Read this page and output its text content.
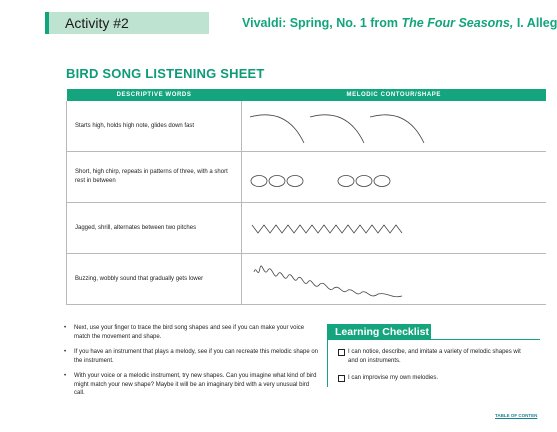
Activity #2	Vivaldi: Spring, No. 1 from The Four Seasons, I. Alleg
BIRD SONG LISTENING SHEET
DESCRIPTIVE WORDS	MELODIC CONTOUR/SHAPE
Starts high, holds high note, glides down fast	

Short, high chirp, repeats in patterns of three, with a short rest in between	

Jagged, shrill, alternates between two pitches	

Buzzing, wobbly sound that gradually gets lower	
• Next, use your finger to trace the bird song shapes and see if you can make your voice match the movement and shape.
• If you have an instrument that plays a melody, see if you can recreate this melodic shape on the instrument.
• With your voice or a melodic instrument, try new shapes. Can you imagine what kind of bird might match your new shape? Maybe it will be an imaginary bird with a very unusual bird call.
Learning Checklist
I can notice, describe, and imitate a variety of melodic shapes wit
and on instruments.
I can improvise my own melodies.
TABLE OF CONTEN
